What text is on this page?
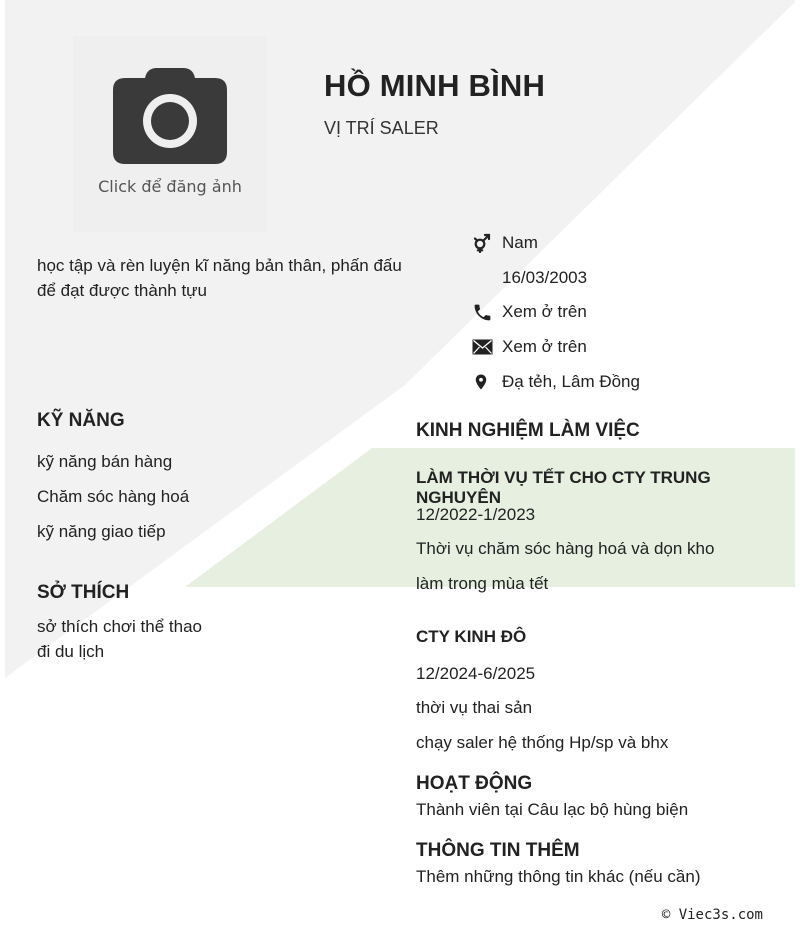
Click để đăng ảnh
HỒ MINH BÌNH
VỊ TRÍ SALER
học tập và rèn luyện kĩ năng bản thân, phấn đấu để đạt được thành tựu
Nam
16/03/2003
Xem ở trên
Xem ở trên
Đạ tẻh, Lâm Đồng
KỸ NĂNG
kỹ năng bán hàng
Chăm sóc hàng hoá
kỹ năng giao tiếp
SỞ THÍCH
sở thích chơi thể thao
đi du lịch
KINH NGHIỆM LÀM VIỆC
LÀM THỜI VỤ TẾT CHO CTY TRUNG NGHUYÊN
12/2022-1/2023
Thời vụ chăm sóc hàng hoá và dọn kho
làm trong mùa tết
CTY KINH ĐÔ
12/2024-6/2025
thời vụ thai sản
chạy saler hệ thống Hp/sp và bhx
HOẠT ĐỘNG
Thành viên tại Câu lạc bộ hùng biện
THÔNG TIN THÊM
Thêm những thông tin khác (nếu cần)
© Viec3s.com
